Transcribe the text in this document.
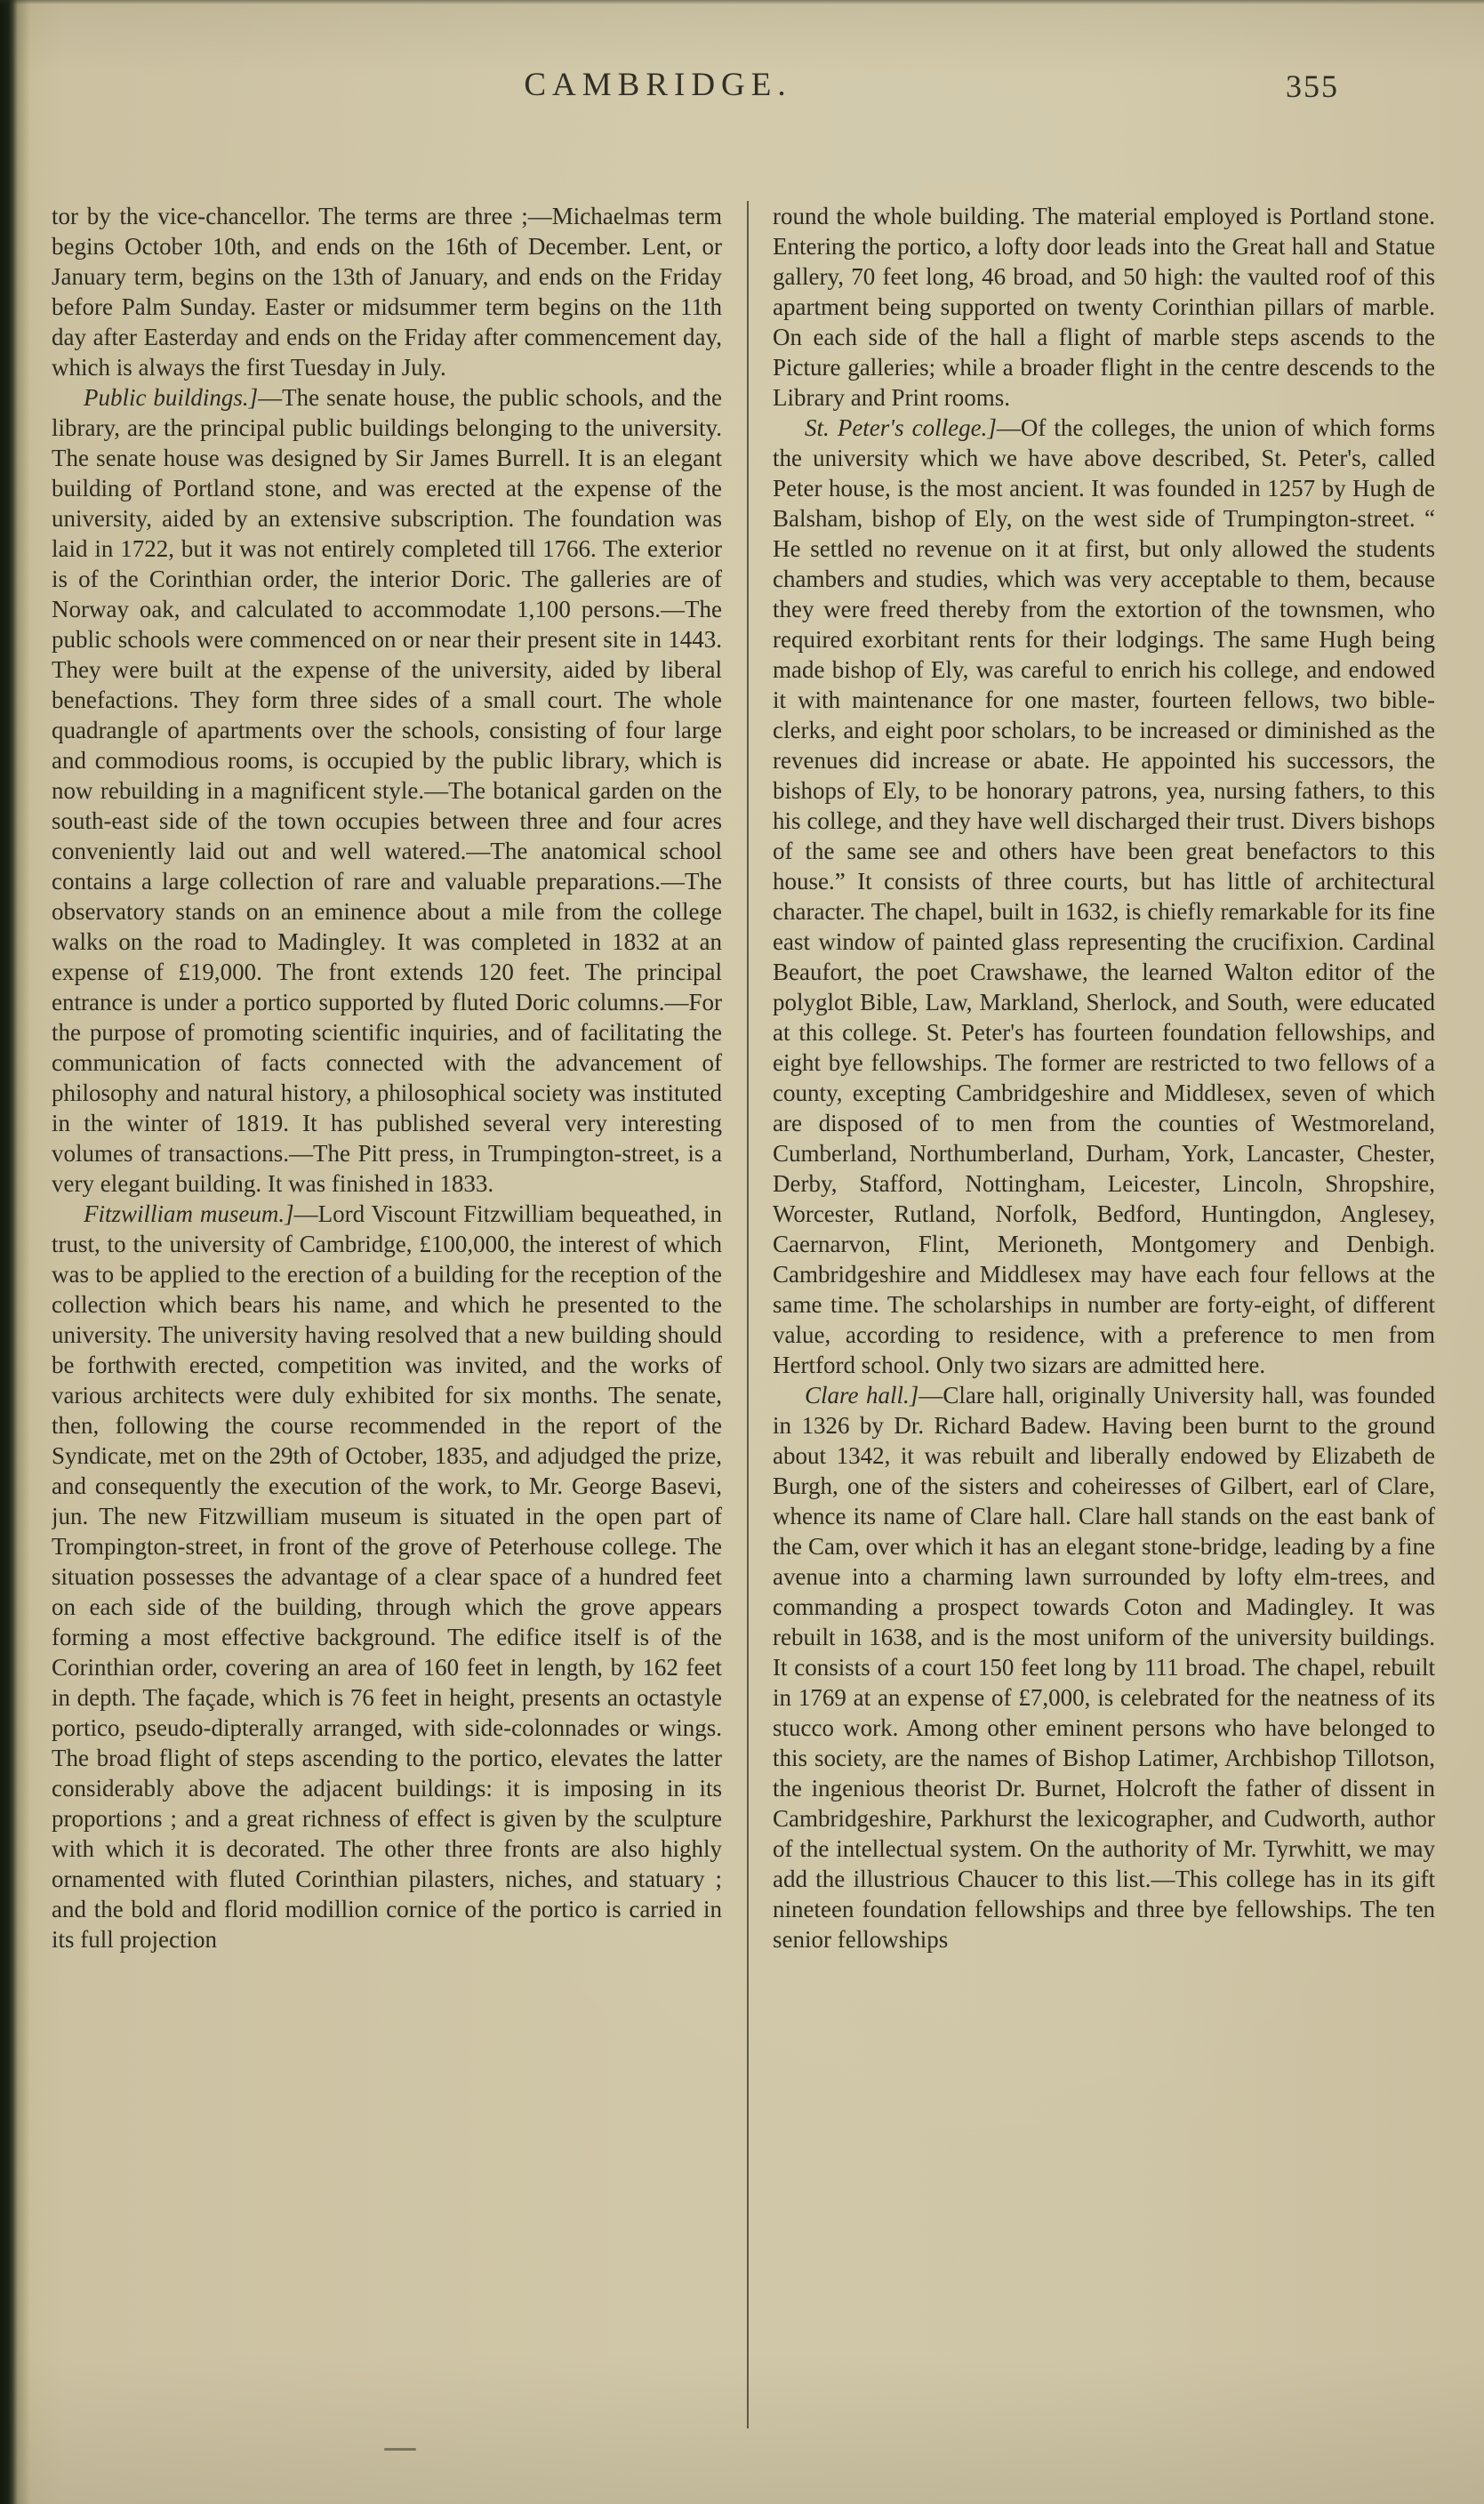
CAMBRIDGE.	355

tor by the vice-chancellor. The terms are three ;—Michaelmas term begins October 10th, and ends on the 16th of December. Lent, or January term, begins on the 13th of January, and ends on the Friday before Palm Sunday. Easter or midsummer term begins on the 11th day after Easterday and ends on the Friday after commencement day, which is always the first Tuesday in July.

Public buildings.]—The senate house, the public schools, and the library, are the principal public buildings belonging to the university. The senate house was designed by Sir James Burrell. It is an elegant building of Portland stone, and was erected at the expense of the university, aided by an extensive subscription. The foundation was laid in 1722, but it was not entirely completed till 1766. The exterior is of the Corinthian order, the interior Doric. The galleries are of Norway oak, and calculated to accommodate 1,100 persons.—The public schools were commenced on or near their present site in 1443. They were built at the expense of the university, aided by liberal benefactions. They form three sides of a small court. The whole quadrangle of apartments over the schools, consisting of four large and commodious rooms, is occupied by the public library, which is now rebuilding in a magnificent style.—The botanical garden on the south-east side of the town occupies between three and four acres conveniently laid out and well watered.—The anatomical school contains a large collection of rare and valuable preparations.—The observatory stands on an eminence about a mile from the college walks on the road to Madingley. It was completed in 1832 at an expense of £19,000. The front extends 120 feet. The principal entrance is under a portico supported by fluted Doric columns.—For the purpose of promoting scientific inquiries, and of facilitating the communication of facts connected with the advancement of philosophy and natural history, a philosophical society was instituted in the winter of 1819. It has published several very interesting volumes of transactions.—The Pitt press, in Trumpington-street, is a very elegant building. It was finished in 1833.

Fitzwilliam museum.]—Lord Viscount Fitzwilliam bequeathed, in trust, to the university of Cambridge, £100,000, the interest of which was to be applied to the erection of a building for the reception of the collection which bears his name, and which he presented to the university. The university having resolved that a new building should be forthwith erected, competition was invited, and the works of various architects were duly exhibited for six months. The senate, then, following the course recommended in the report of the Syndicate, met on the 29th of October, 1835, and adjudged the prize, and consequently the execution of the work, to Mr. George Basevi, jun. The new Fitzwilliam museum is situated in the open part of Trompington-street, in front of the grove of Peterhouse college. The situation possesses the advantage of a clear space of a hundred feet on each side of the building, through which the grove appears forming a most effective background. The edifice itself is of the Corinthian order, covering an area of 160 feet in length, by 162 feet in depth. The façade, which is 76 feet in height, presents an octastyle portico, pseudo-dipterally arranged, with side-colonnades or wings. The broad flight of steps ascending to the portico, elevates the latter considerably above the adjacent buildings: it is imposing in its proportions ; and a great richness of effect is given by the sculpture with which it is decorated. The other three fronts are also highly ornamented with fluted Corinthian pilasters, niches, and statuary ; and the bold and florid modillion cornice of the portico is carried in its full projection

round the whole building. The material employed is Portland stone. Entering the portico, a lofty door leads into the Great hall and Statue gallery, 70 feet long, 46 broad, and 50 high: the vaulted roof of this apartment being supported on twenty Corinthian pillars of marble. On each side of the hall a flight of marble steps ascends to the Picture galleries; while a broader flight in the centre descends to the Library and Print rooms.

St. Peter's college.]—Of the colleges, the union of which forms the university which we have above described, St. Peter's, called Peter house, is the most ancient. It was founded in 1257 by Hugh de Balsham, bishop of Ely, on the west side of Trumpington-street. “ He settled no revenue on it at first, but only allowed the students chambers and studies, which was very acceptable to them, because they were freed thereby from the extortion of the townsmen, who required exorbitant rents for their lodgings. The same Hugh being made bishop of Ely, was careful to enrich his college, and endowed it with maintenance for one master, fourteen fellows, two bible-clerks, and eight poor scholars, to be increased or diminished as the revenues did increase or abate. He appointed his successors, the bishops of Ely, to be honorary patrons, yea, nursing fathers, to this his college, and they have well discharged their trust. Divers bishops of the same see and others have been great benefactors to this house.” It consists of three courts, but has little of architectural character. The chapel, built in 1632, is chiefly remarkable for its fine east window of painted glass representing the crucifixion. Cardinal Beaufort, the poet Crawshawe, the learned Walton editor of the polyglot Bible, Law, Markland, Sherlock, and South, were educated at this college. St. Peter's has fourteen foundation fellowships, and eight bye fellowships. The former are restricted to two fellows of a county, excepting Cambridgeshire and Middlesex, seven of which are disposed of to men from the counties of Westmoreland, Cumberland, Northumberland, Durham, York, Lancaster, Chester, Derby, Stafford, Nottingham, Leicester, Lincoln, Shropshire, Worcester, Rutland, Norfolk, Bedford, Huntingdon, Anglesey, Caernarvon, Flint, Merioneth, Montgomery and Denbigh. Cambridgeshire and Middlesex may have each four fellows at the same time. The scholarships in number are forty-eight, of different value, according to residence, with a preference to men from Hertford school. Only two sizars are admitted here.

Clare hall.]—Clare hall, originally University hall, was founded in 1326 by Dr. Richard Badew. Having been burnt to the ground about 1342, it was rebuilt and liberally endowed by Elizabeth de Burgh, one of the sisters and coheiresses of Gilbert, earl of Clare, whence its name of Clare hall. Clare hall stands on the east bank of the Cam, over which it has an elegant stone-bridge, leading by a fine avenue into a charming lawn surrounded by lofty elm-trees, and commanding a prospect towards Coton and Madingley. It was rebuilt in 1638, and is the most uniform of the university buildings. It consists of a court 150 feet long by 111 broad. The chapel, rebuilt in 1769 at an expense of £7,000, is celebrated for the neatness of its stucco work. Among other eminent persons who have belonged to this society, are the names of Bishop Latimer, Archbishop Tillotson, the ingenious theorist Dr. Burnet, Holcroft the father of dissent in Cambridgeshire, Parkhurst the lexicographer, and Cudworth, author of the intellectual system. On the authority of Mr. Tyrwhitt, we may add the illustrious Chaucer to this list.—This college has in its gift nineteen foundation fellowships and three bye fellowships. The ten senior fellowships
